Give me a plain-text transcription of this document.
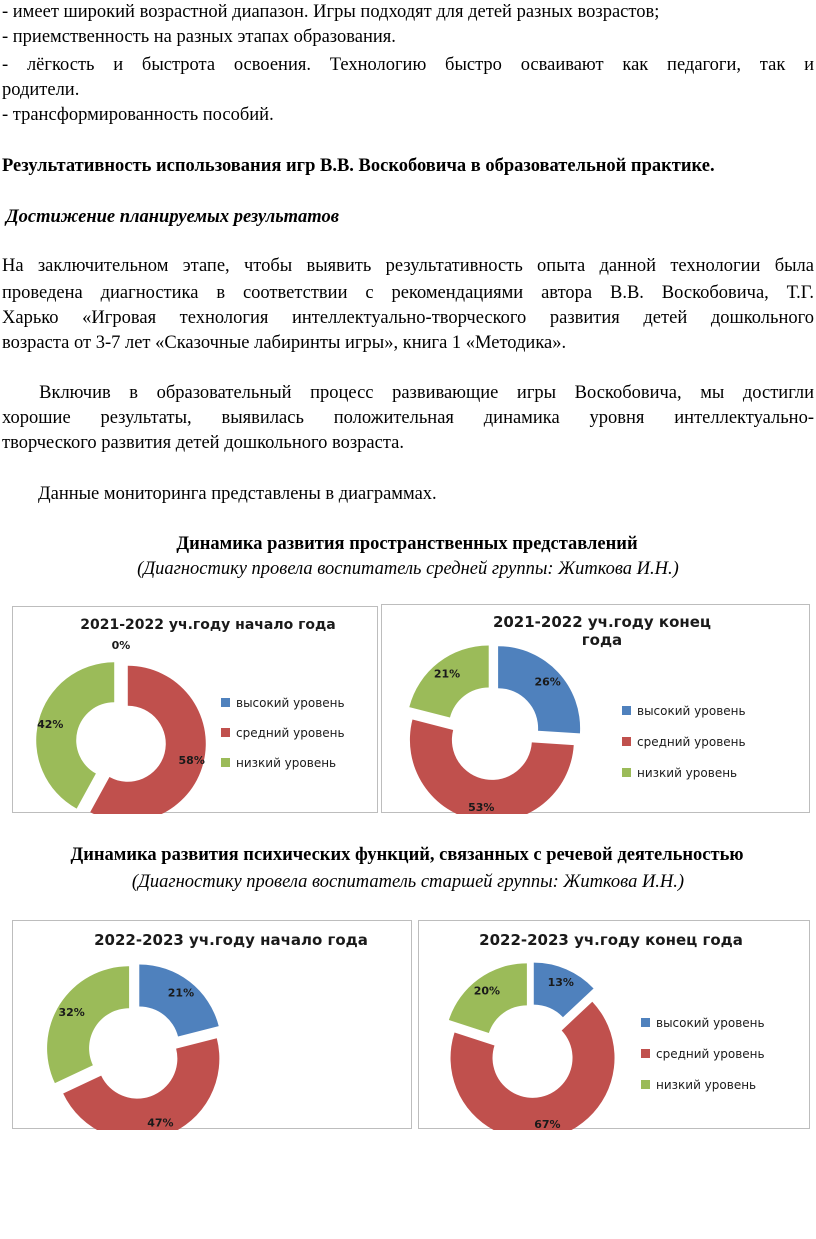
- имеет широкий возрастной диапазон. Игры подходят для детей разных возрастов;

- приемственность на разных этапах образования.

- лёгкость и быстрота освоения. Технологию быстро осваивают как педагоги, так и

родители.

- трансформированность пособий.

Результативность использования игр В.В. Воскобовича в образовательной практике.

Достижение планируемых результатов

На заключительном этапе, чтобы выявить результативность опыта данной технологии была

проведена диагностика в соответствии с рекомендациями автора В.В. Воскобовича, Т.Г.

Харько «Игровая технология интеллектуально-творческого развития детей дошкольного

возраста от 3-7 лет «Сказочные лабиринты игры», книга 1 «Методика».

Включив в образовательный процесс развивающие игры Воскобовича, мы достигли

хорошие результаты, выявилась положительная динамика уровня интеллектуально-

творческого развития детей дошкольного возраста.

Данные мониторинга представлены в диаграммах.

Динамика развития пространственных представлений

(Диагностику провела воспитатель средней группы: Житкова И.Н.)

2021-2022 уч.году начало года
0%
58%
42%
высокий уровень
средний уровень
низкий уровень
2021-2022 уч.году конец года
26%
53%
21%
высокий уровень
средний уровень
низкий уровень

Динамика развития психических функций, связанных с речевой деятельностью

(Диагностику провела воспитатель старшей группы: Житкова И.Н.)

2022-2023 уч.году начало года
21%
47%
32%
2022-2023 уч.году конец года
13%
67%
20%
высокий уровень
средний уровень
низкий уровень
